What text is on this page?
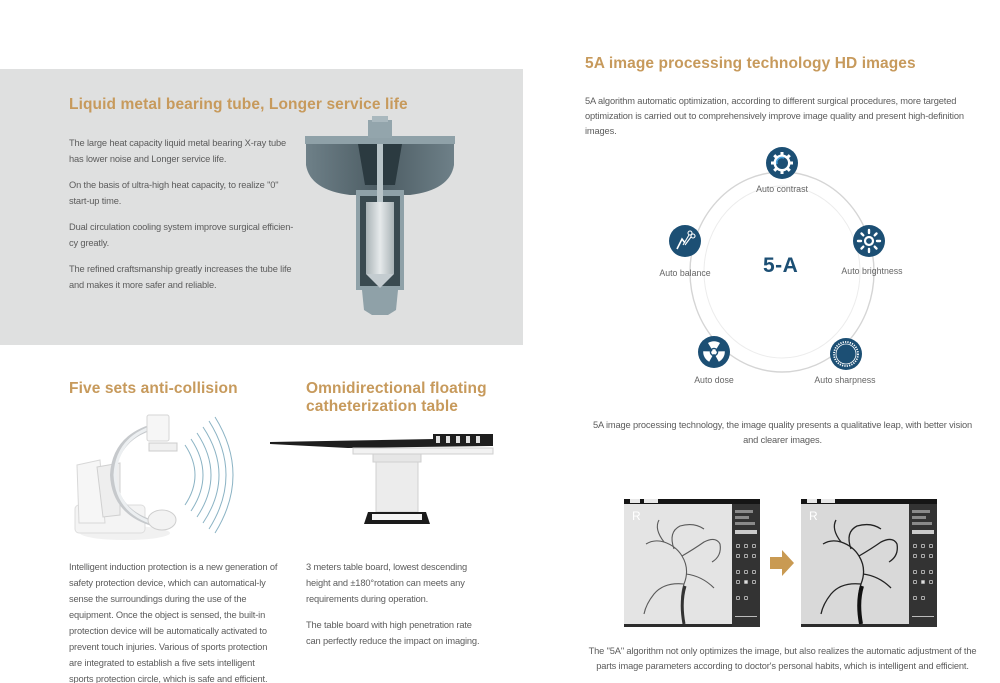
Liquid metal bearing tube, Longer service life

The large heat capacity liquid metal bearing X-ray tube has lower noise and Longer service life.

On the basis of ultra-high heat capacity, to realize "0" start-up time.

Dual circulation cooling system improve surgical efficien-cy greatly.

The refined craftsmanship greatly increases the tube life and makes it more safer and reliable.

Five sets anti-collision
Intelligent induction protection is a new generation of safety protection device, which can automatical-ly sense the surroundings during the use of the equipment. Once the object is sensed, the built-in protection device will be automatically activated to prevent touch injuries. Various of sports protection are integrated to establish a five sets intelligent sports protection circle, which is safe and efficient.
Omnidirectional floating
catheterization table

3 meters table board, lowest descending height and ±180°rotation can meets any requirements during operation.

The table board with high penetration rate can perfectly reduce the impact on imaging.

5A image processing technology HD images

5A algorithm automatic optimization, according to different surgical procedures, more targeted optimization is carried out to comprehensively improve image quality and present high-definition images.

5-A
Auto contrast
Auto brightness
Auto sharpness
Auto dose
Auto balance

5A image processing technology, the image quality presents a qualitative leap, with better vision and clearer images.

R	R

The "5A" algorithm not only optimizes the image, but also realizes the automatic adjustment of the parts image parameters according to doctor's personal habits, which is intelligent and efficient.
